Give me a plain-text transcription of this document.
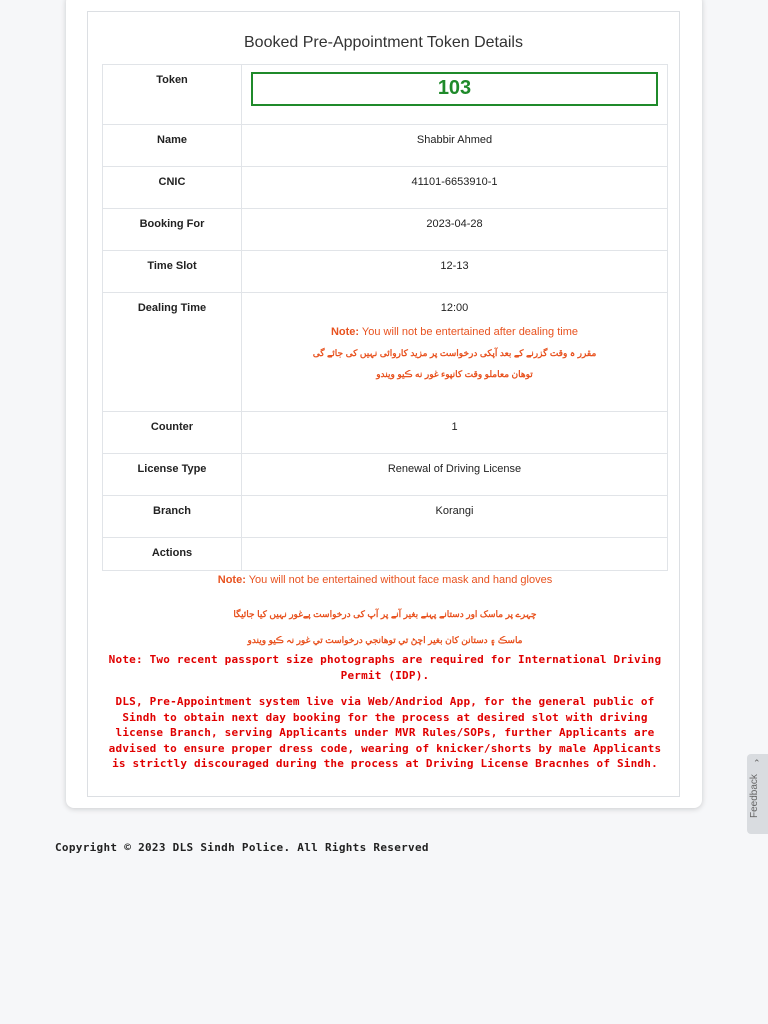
Booked Pre-Appointment Token Details
Token	103

Name	Shabbir Ahmed
CNIC	41101-6653910-1
Booking For	2023-04-28
Time Slot	12-13
Dealing Time	12:00
Note: You will not be entertained after dealing time
مقرر ہ وقت گزرنے کے بعد آپکی درخواست پر مزید کاروائی نہیں کی جائے گی
توهان معاملو وقت کانپوء غور نه ڪيو ويندو

Counter	1
License Type	Renewal of Driving License
Branch	Korangi
Actions	
Note: You will not be entertained without face mask and hand gloves
چہرے پر ماسک اور دستانے پہنے بغیر آنے پر آپ کی درخواست پےغور نہیں کیا جائیگا
ماسڪ ۽ دستانن کان بغير اچڻ تي توهانجي درخواست تي غور نہ ڪيو ويندو
Note: Two recent passport size photographs are required for International Driving Permit (IDP).
DLS, Pre-Appointment system live via Web/Andriod App, for the general public of Sindh to obtain next day booking for the process at desired slot with driving license Branch, serving Applicants under MVR Rules/SOPs, further Applicants are advised to ensure proper dress code, wearing of knicker/shorts by male Applicants is strictly discouraged during the process at Driving License Bracnhes of Sindh.
Copyright © 2023 DLS Sindh Police. All Rights Reserved
⌃
Feedback
